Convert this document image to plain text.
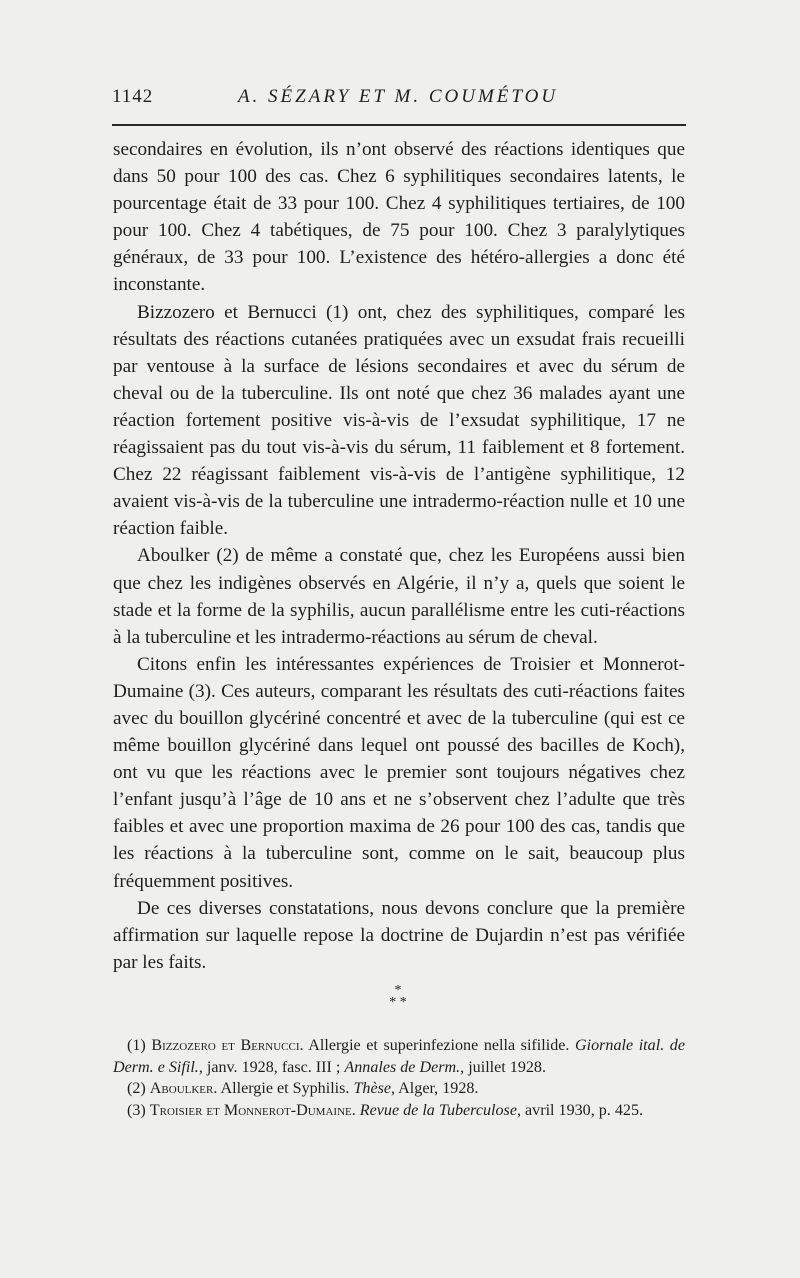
1142	A. SÉZARY ET M. COUMÉTOU

secondaires en évolution, ils n’ont observé des réactions identiques que dans 50 pour 100 des cas. Chez 6 syphilitiques secondaires latents, le pourcentage était de 33 pour 100. Chez 4 syphilitiques tertiaires, de 100 pour 100. Chez 4 tabétiques, de 75 pour 100. Chez 3 paralylytiques généraux, de 33 pour 100. L’existence des hétéro-allergies a donc été inconstante.

Bizzozero et Bernucci (1) ont, chez des syphilitiques, comparé les résultats des réactions cutanées pratiquées avec un exsudat frais recueilli par ventouse à la surface de lésions secondaires et avec du sérum de cheval ou de la tuberculine. Ils ont noté que chez 36 malades ayant une réaction fortement positive vis-à-vis de l’exsudat syphilitique, 17 ne réagissaient pas du tout vis-à-vis du sérum, 11 faiblement et 8 fortement. Chez 22 réagissant faiblement vis-à-vis de l’antigène syphilitique, 12 avaient vis-à-vis de la tuberculine une intradermo-réaction nulle et 10 une réaction faible.

Aboulker (2) de même a constaté que, chez les Européens aussi bien que chez les indigènes observés en Algérie, il n’y a, quels que soient le stade et la forme de la syphilis, aucun parallélisme entre les cuti-réactions à la tuberculine et les intradermo-réactions au sérum de cheval.

Citons enfin les intéressantes expériences de Troisier et Monnerot-Dumaine (3). Ces auteurs, comparant les résultats des cuti-réactions faites avec du bouillon glycériné concentré et avec de la tuberculine (qui est ce même bouillon glycériné dans lequel ont poussé des bacilles de Koch), ont vu que les réactions avec le premier sont toujours négatives chez l’enfant jusqu’à l’âge de 10 ans et ne s’observent chez l’adulte que très faibles et avec une proportion maxima de 26 pour 100 des cas, tandis que les réactions à la tuberculine sont, comme on le sait, beaucoup plus fréquemment positives.

De ces diverses constatations, nous devons conclure que la première affirmation sur laquelle repose la doctrine de Dujardin n’est pas vérifiée par les faits.

*
* *

(1) Bizzozero et Bernucci. Allergie et superinfezione nella sifilide. Giornale ital. de Derm. e Sifil., janv. 1928, fasc. III ; Annales de Derm., juillet 1928.

(2) Aboulker. Allergie et Syphilis. Thèse, Alger, 1928.

(3) Troisier et Monnerot-Dumaine. Revue de la Tuberculose, avril 1930, p. 425.
